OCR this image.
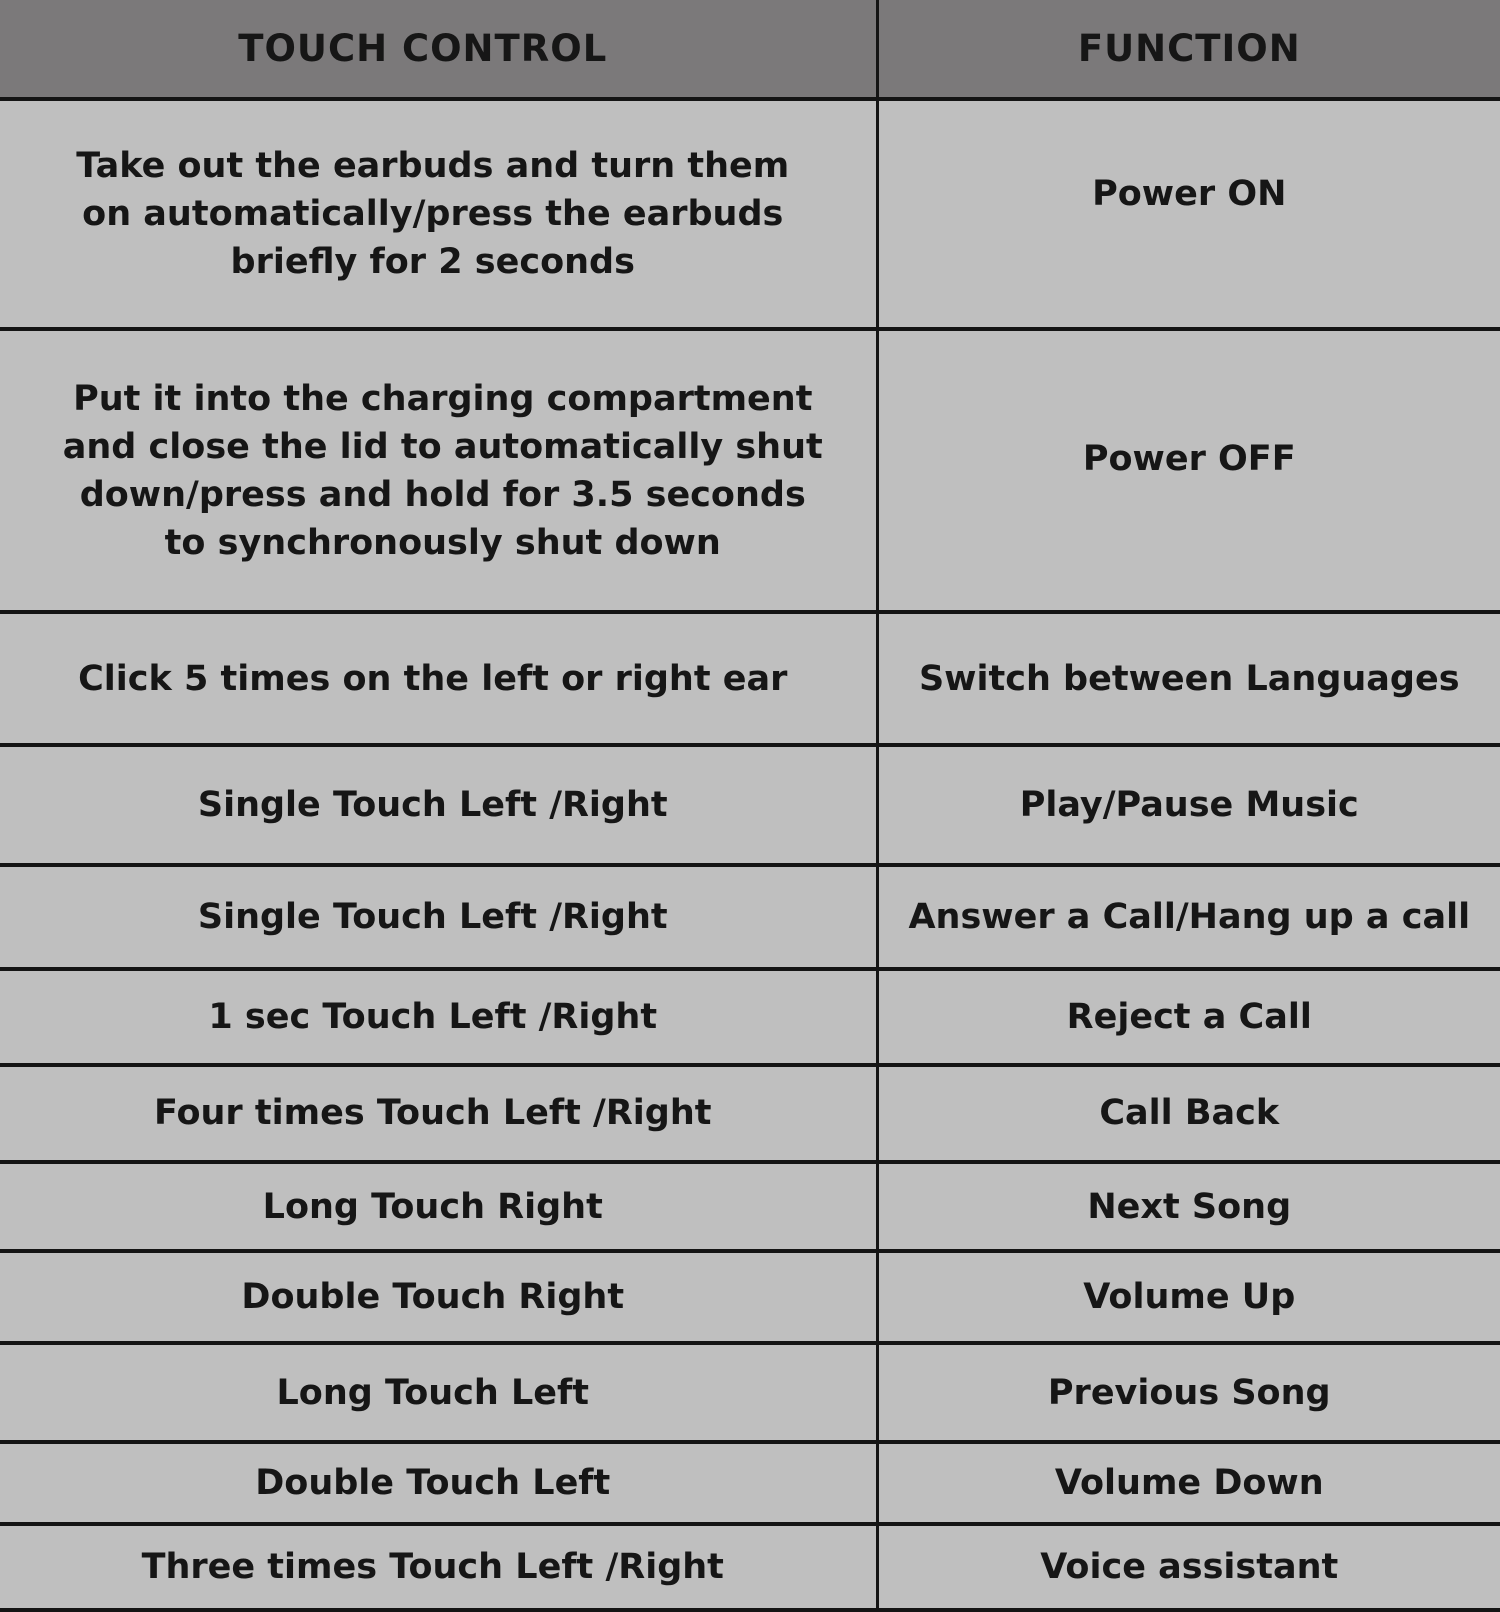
TOUCH CONTROL	FUNCTION
Take out the earbuds and turn them on automatically/press the earbuds briefly for 2 seconds	Power ON
Put it into the charging compartment and close the lid to automatically shut down/press and hold for 3.5 seconds to synchronously shut down	Power OFF
Click 5 times on the left or right ear	Switch between Languages
Single Touch Left /Right	Play/Pause Music
Single Touch Left /Right	Answer a Call/Hang up a call
1 sec Touch Left /Right	Reject a Call
Four times Touch Left /Right	Call Back
Long Touch Right	Next Song
Double Touch Right	Volume Up
Long Touch Left	Previous Song
Double Touch Left	Volume Down
Three times Touch Left /Right	Voice assistant
